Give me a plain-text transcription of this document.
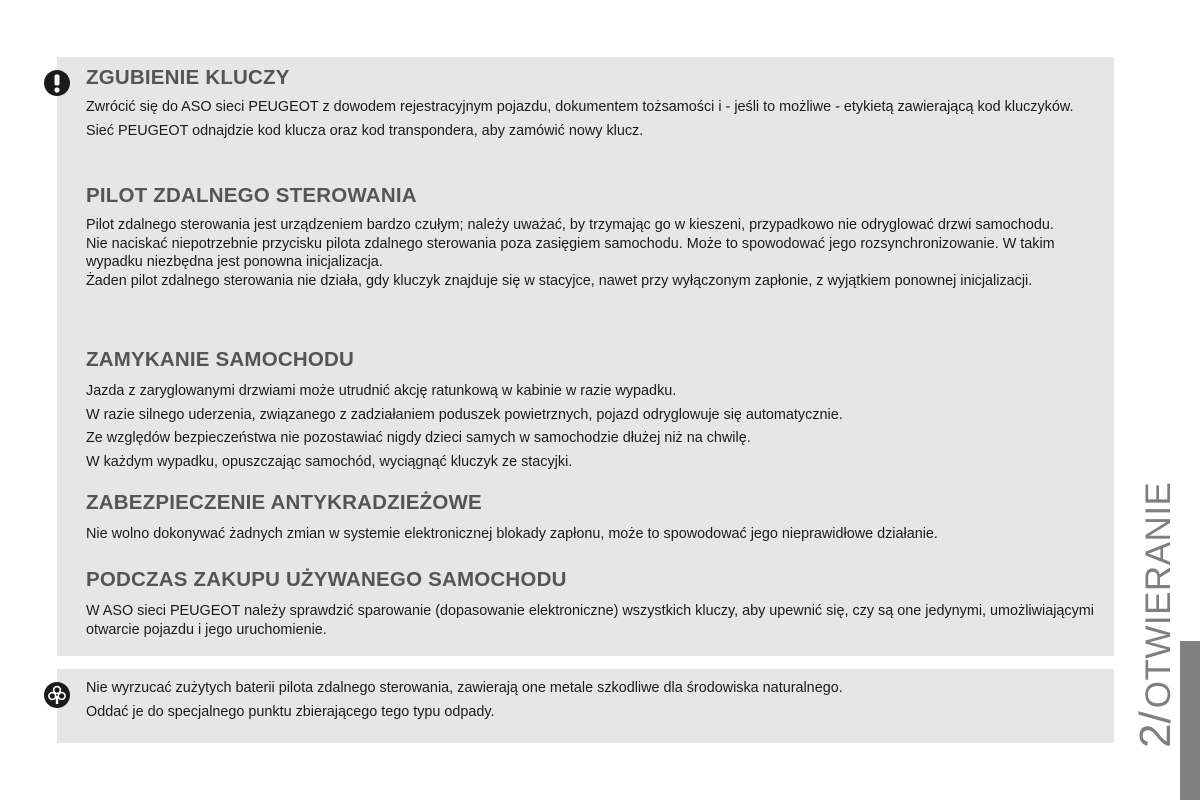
ZGUBIENIE KLUCZY

Zwrócić się do ASO sieci PEUGEOT z dowodem rejestracyjnym pojazdu, dokumentem tożsamości i - jeśli to możliwe - etykietą zawierającą kod kluczyków.

Sieć PEUGEOT odnajdzie kod klucza oraz kod transpondera, aby zamówić nowy klucz.

PILOT ZDALNEGO STEROWANIA

Pilot zdalnego sterowania jest urządzeniem bardzo czułym; należy uważać, by trzymając go w kieszeni, przypadkowo nie odryglować drzwi samochodu.

Nie naciskać niepotrzebnie przycisku pilota zdalnego sterowania poza zasięgiem samochodu. Może to spowodować jego rozsynchronizowanie. W takim wypadku niezbędna jest ponowna inicjalizacja.

Żaden pilot zdalnego sterowania nie działa, gdy kluczyk znajduje się w stacyjce, nawet przy wyłączonym zapłonie, z wyjątkiem ponownej inicjalizacji.

ZAMYKANIE SAMOCHODU

Jazda z zaryglowanymi drzwiami może utrudnić akcję ratunkową w kabinie w razie wypadku.

W razie silnego uderzenia, związanego z zadziałaniem poduszek powietrznych, pojazd odryglowuje się automatycznie.

Ze względów bezpieczeństwa nie pozostawiać nigdy dzieci samych w samochodzie dłużej niż na chwilę.

W każdym wypadku, opuszczając samochód, wyciągnąć kluczyk ze stacyjki.

ZABEZPIECZENIE ANTYKRADZIEŻOWE

Nie wolno dokonywać żadnych zmian w systemie elektronicznej blokady zapłonu, może to spowodować jego nieprawidłowe działanie.

PODCZAS ZAKUPU UŻYWANEGO SAMOCHODU

W ASO sieci PEUGEOT należy sprawdzić sparowanie (dopasowanie elektroniczne) wszystkich kluczy, aby upewnić się, czy są one jedynymi, umożliwiającymi otwarcie pojazdu i jego uruchomienie.

Nie wyrzucać zużytych baterii pilota zdalnego sterowania, zawierają one metale szkodliwe dla środowiska naturalnego.

Oddać je do specjalnego punktu zbierającego tego typu odpady.

2/OTWIERANIE
